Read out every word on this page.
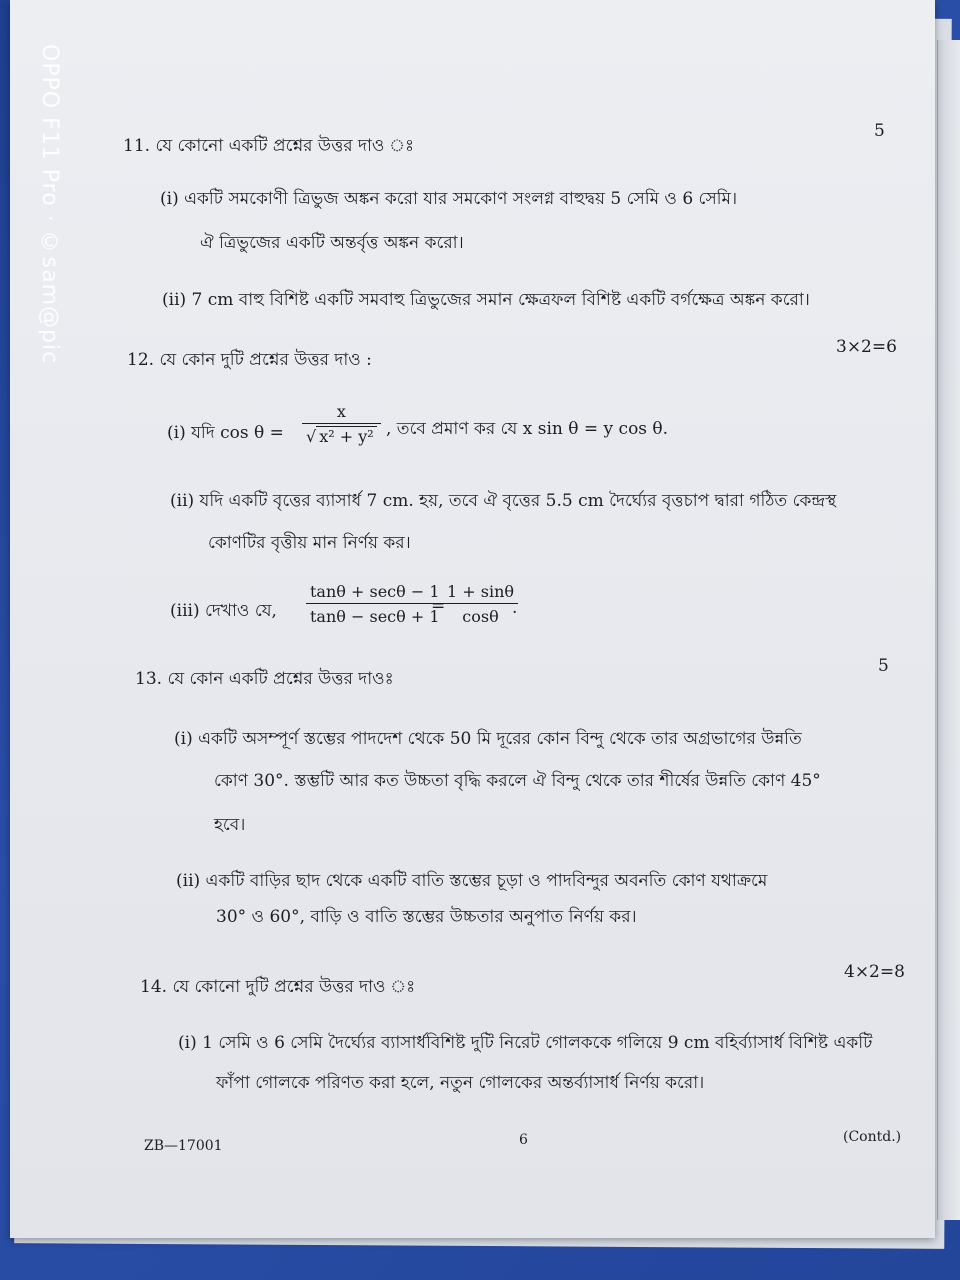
11. যে কোনো একটি প্রশ্নের উত্তর দাও ঃ
5
(i) একটি সমকোণী ত্রিভুজ অঙ্কন করো যার সমকোণ সংলগ্ন বাহুদ্বয় 5 সেমি ও 6 সেমি।
ঐ ত্রিভুজের একটি অন্তর্বৃত্ত অঙ্কন করো।
(ii) 7 cm বাহু বিশিষ্ট একটি সমবাহু ত্রিভুজের সমান ক্ষেত্রফল বিশিষ্ট একটি বর্গক্ষেত্র অঙ্কন করো।
12. যে কোন দুটি প্রশ্নের উত্তর দাও :
3×2=6
(i) যদি $\cos \theta = \frac{x}{\text{√ x² + y²}}$ , তবে প্রমাণ কর যে x sin θ = y cos θ.
(ii) যদি একটি বৃত্তের ব্যাসার্ধ 7 cm. হয়, তবে ঐ বৃত্তের 5.5 cm দৈর্ঘ্যের বৃত্তচাপ দ্বারা গঠিত কেন্দ্রস্থ
কোণটির বৃত্তীয় মান নির্ণয় কর।
(iii) দেখাও যে,
tanθ + secθ − 1
tanθ − secθ + 1
=
$\frac{1 + \sin\theta}{\cos\theta}$
.
13. যে কোন একটি প্রশ্নের উত্তর দাওঃ
5
(i) একটি অসম্পূর্ণ স্তম্ভের পাদদেশ থেকে 50 মি দূরের কোন বিন্দু থেকে তার অগ্রভাগের উন্নতি
কোণ 30°. স্তম্ভটি আর কত উচ্চতা বৃদ্ধি করলে ঐ বিন্দু থেকে তার শীর্ষের উন্নতি কোণ 45°
হবে।
(ii) একটি বাড়ির ছাদ থেকে একটি বাতি স্তম্ভের চূড়া ও পাদবিন্দুর অবনতি কোণ যথাক্রমে
30° ও 60°, বাড়ি ও বাতি স্তম্ভের উচ্চতার অনুপাত নির্ণয় কর।
14. যে কোনো দুটি প্রশ্নের উত্তর দাও ঃ
4×2=8
(i) 1 সেমি ও 6 সেমি দৈর্ঘ্যের ব্যাসার্ধবিশিষ্ট দুটি নিরেট গোলককে গলিয়ে 9 cm বহির্ব্যাসার্ধ বিশিষ্ট একটি
ফাঁপা গোলকে পরিণত করা হলে, নতুন গোলকের অন্তর্ব্যাসার্ধ নির্ণয় করো।
ZB—17001	6	(Contd.)
OPPO F11 Pro · ©sam@pic
